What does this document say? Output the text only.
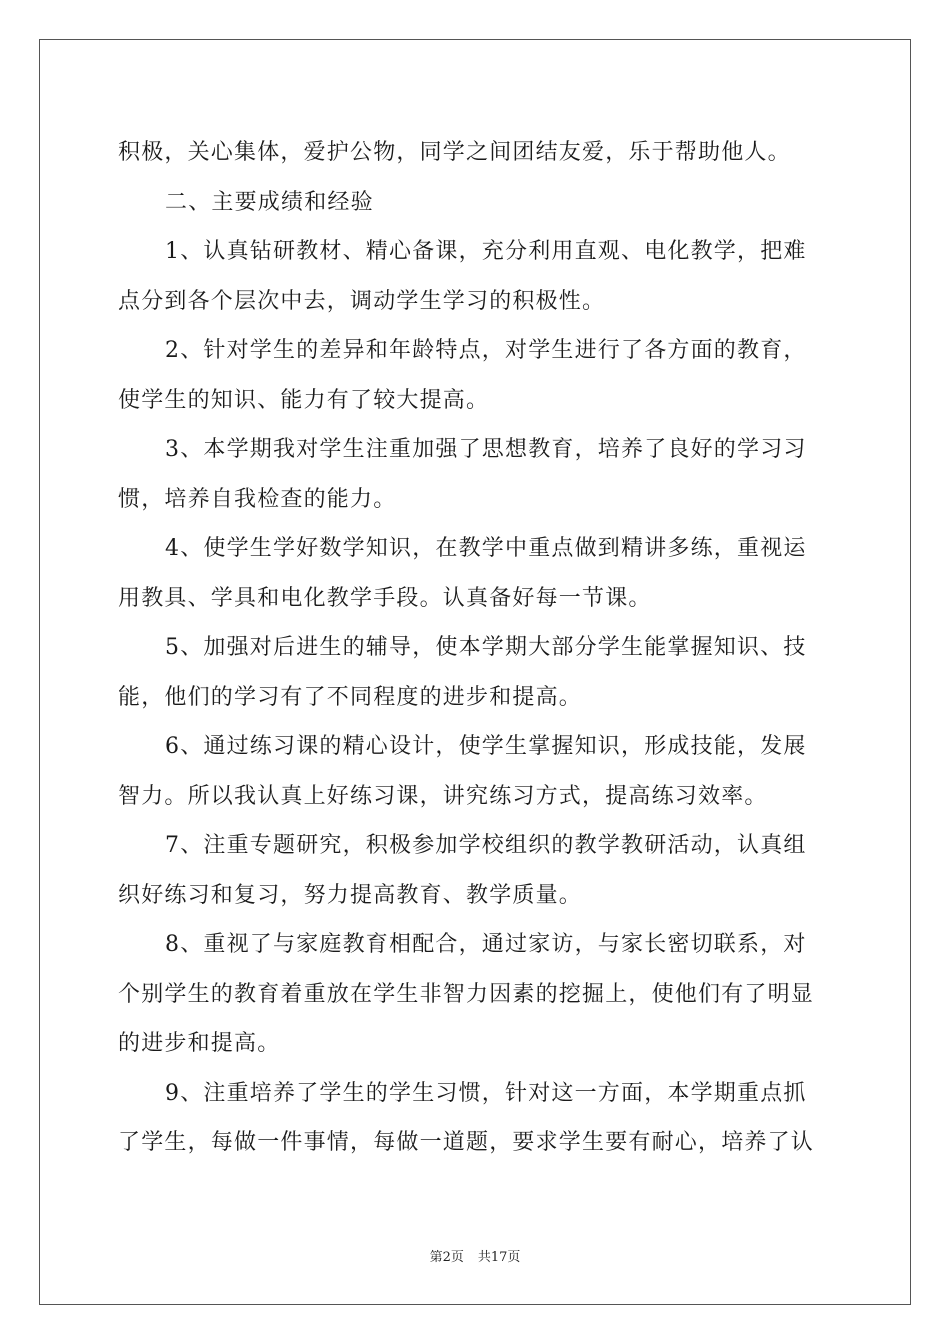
积极，关心集体，爱护公物，同学之间团结友爱，乐于帮助他人。
二、主要成绩和经验
1、认真钻研教材、精心备课，充分利用直观、电化教学，把难
点分到各个层次中去，调动学生学习的积极性。
2、针对学生的差异和年龄特点，对学生进行了各方面的教育，
使学生的知识、能力有了较大提高。
3、本学期我对学生注重加强了思想教育，培养了良好的学习习
惯，培养自我检查的能力。
4、使学生学好数学知识，在教学中重点做到精讲多练，重视运
用教具、学具和电化教学手段。认真备好每一节课。
5、加强对后进生的辅导，使本学期大部分学生能掌握知识、技
能，他们的学习有了不同程度的进步和提高。
6、通过练习课的精心设计，使学生掌握知识，形成技能，发展
智力。所以我认真上好练习课，讲究练习方式，提高练习效率。
7、注重专题研究，积极参加学校组织的教学教研活动，认真组
织好练习和复习，努力提高教育、教学质量。
8、重视了与家庭教育相配合，通过家访，与家长密切联系，对
个别学生的教育着重放在学生非智力因素的挖掘上，使他们有了明显
的进步和提高。
9、注重培养了学生的学生习惯，针对这一方面，本学期重点抓
了学生，每做一件事情，每做一道题，要求学生要有耐心，培养了认
第2页 共17页
